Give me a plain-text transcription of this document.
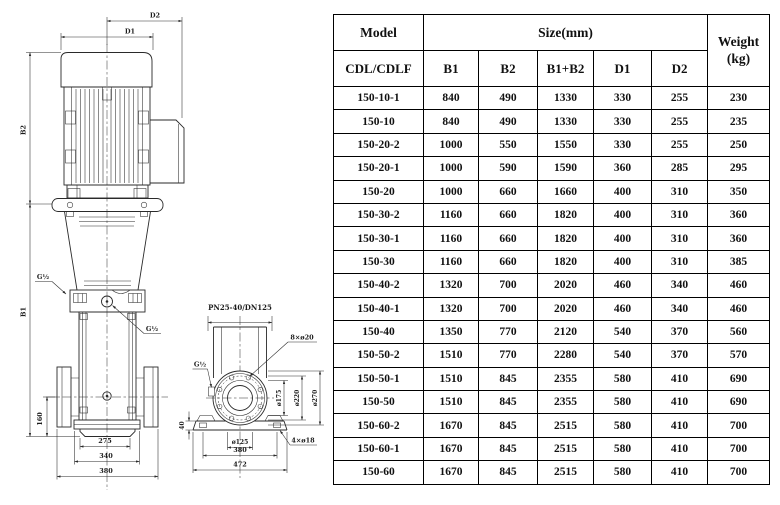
D2
D1
B2
B1
160
275
340
380
G½
G½
PN25-40/DN125
G½
8×ø20
ø175 ø220 ø270
40
ø125
380
472
4×ø18
Model	Size(mm)					Weight
(kg)

CDL/CDLF	B1	B2	B1+B2	D1	D2	
150-10-1	840	490	1330	330	255	230
150-10	840	490	1330	330	255	235
150-20-2	1000	550	1550	330	255	250
150-20-1	1000	590	1590	360	285	295
150-20	1000	660	1660	400	310	350
150-30-2	1160	660	1820	400	310	360
150-30-1	1160	660	1820	400	310	360
150-30	1160	660	1820	400	310	385
150-40-2	1320	700	2020	460	340	460
150-40-1	1320	700	2020	460	340	460
150-40	1350	770	2120	540	370	560
150-50-2	1510	770	2280	540	370	570
150-50-1	1510	845	2355	580	410	690
150-50	1510	845	2355	580	410	690
150-60-2	1670	845	2515	580	410	700
150-60-1	1670	845	2515	580	410	700
150-60	1670	845	2515	580	410	700
